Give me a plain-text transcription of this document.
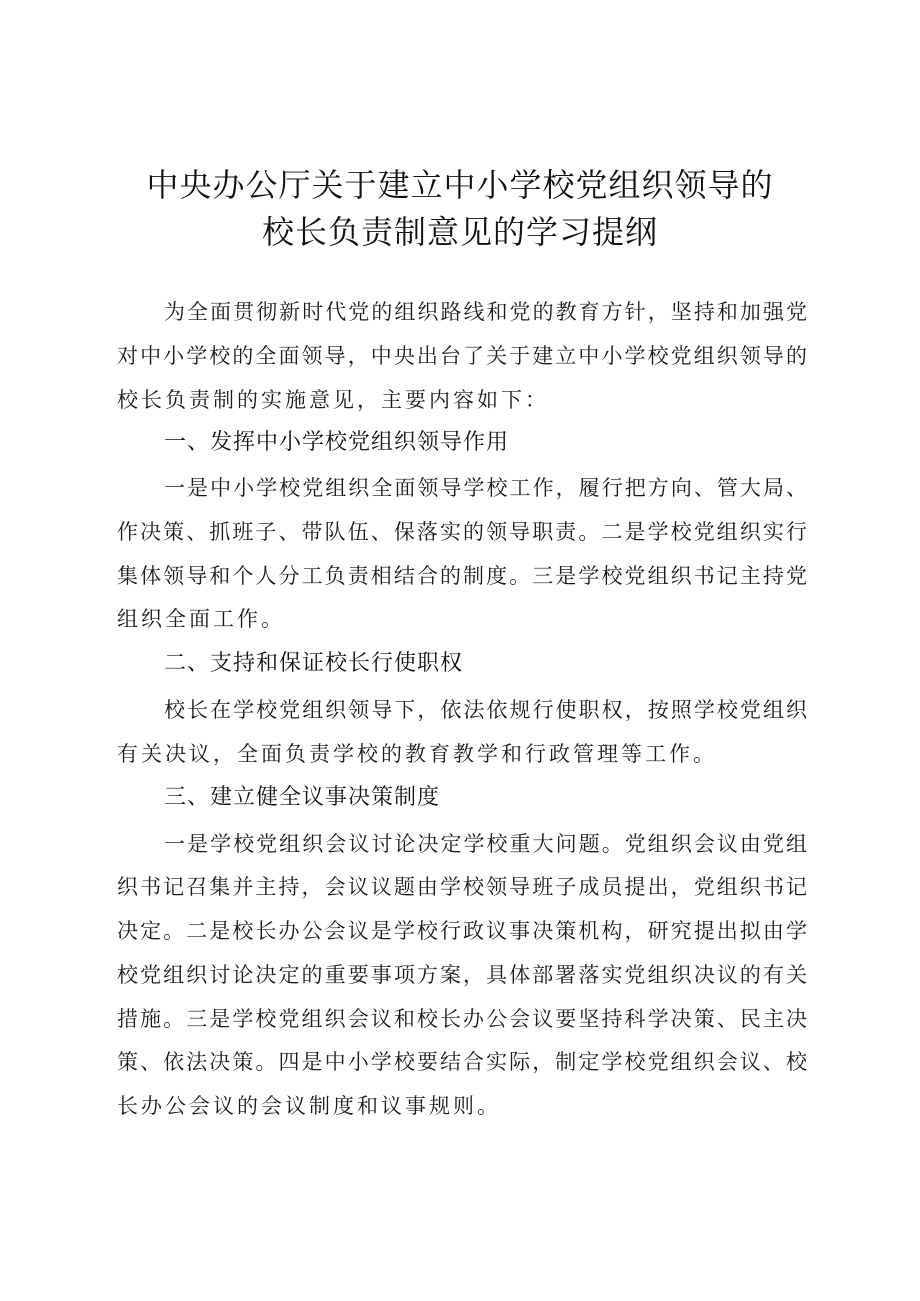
中央办公厅关于建立中小学校党组织领导的
校长负责制意见的学习提纲
为全面贯彻新时代党的组织路线和党的教育方针，坚持和加强党
对中小学校的全面领导，中央出台了关于建立中小学校党组织领导的
校长负责制的实施意见，主要内容如下：
一、发挥中小学校党组织领导作用
一是中小学校党组织全面领导学校工作，履行把方向、管大局、
作决策、抓班子、带队伍、保落实的领导职责。二是学校党组织实行
集体领导和个人分工负责相结合的制度。三是学校党组织书记主持党
组织全面工作。
二、支持和保证校长行使职权
校长在学校党组织领导下，依法依规行使职权，按照学校党组织
有关决议，全面负责学校的教育教学和行政管理等工作。
三、建立健全议事决策制度
一是学校党组织会议讨论决定学校重大问题。党组织会议由党组
织书记召集并主持，会议议题由学校领导班子成员提出，党组织书记
决定。二是校长办公会议是学校行政议事决策机构，研究提出拟由学
校党组织讨论决定的重要事项方案，具体部署落实党组织决议的有关
措施。三是学校党组织会议和校长办公会议要坚持科学决策、民主决
策、依法决策。四是中小学校要结合实际，制定学校党组织会议、校
长办公会议的会议制度和议事规则。
